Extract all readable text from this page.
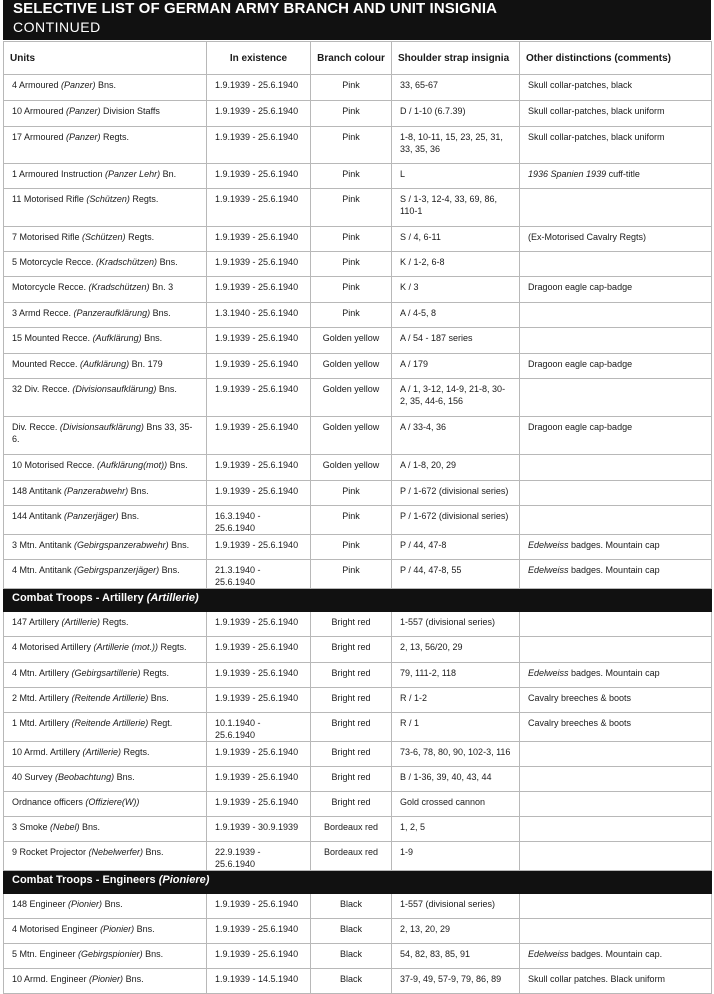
SELECTIVE LIST OF GERMAN ARMY BRANCH AND UNIT INSIGNIA
CONTINUED
Units	In existence	Branch colour	Shoulder strap insignia	Other distinctions (comments)
4 Armoured (Panzer) Bns.	1.9.1939 - 25.6.1940	Pink	33, 65-67	Skull collar-patches, black
10 Armoured (Panzer) Division Staffs	1.9.1939 - 25.6.1940	Pink	D / 1-10 (6.7.39)	Skull collar-patches, black uniform
17 Armoured (Panzer) Regts.	1.9.1939 - 25.6.1940	Pink	1-8, 10-11, 15, 23, 25, 31, 33, 35, 36	Skull collar-patches, black uniform
1 Armoured Instruction (Panzer Lehr) Bn.	1.9.1939 - 25.6.1940	Pink	L	1936 Spanien 1939 cuff-title
11 Motorised Rifle (Schützen) Regts.	1.9.1939 - 25.6.1940	Pink	S / 1-3, 12-4, 33, 69, 86, 110-1	
7 Motorised Rifle (Schützen) Regts.	1.9.1939 - 25.6.1940	Pink	S / 4, 6-11	(Ex-Motorised Cavalry Regts)
5 Motorcycle Recce. (Kradschützen) Bns.	1.9.1939 - 25.6.1940	Pink	K / 1-2, 6-8	
Motorcycle Recce. (Kradschützen) Bn. 3	1.9.1939 - 25.6.1940	Pink	K / 3	Dragoon eagle cap-badge
3 Armd Recce. (Panzeraufklärung) Bns.	1.3.1940 - 25.6.1940	Pink	A / 4-5, 8	
15 Mounted Recce. (Aufklärung) Bns.	1.9.1939 - 25.6.1940	Golden yellow	A / 54 - 187 series	
Mounted Recce. (Aufklärung) Bn. 179	1.9.1939 - 25.6.1940	Golden yellow	A / 179	Dragoon eagle cap-badge
32 Div. Recce. (Divisionsaufklärung) Bns.	1.9.1939 - 25.6.1940	Golden yellow	A / 1, 3-12, 14-9, 21-8, 30-2, 35, 44-6, 156	
Div. Recce. (Divisionsaufklärung) Bns 33, 35-6.	1.9.1939 - 25.6.1940	Golden yellow	A / 33-4, 36	Dragoon eagle cap-badge
10 Motorised Recce. (Aufklärung(mot)) Bns.	1.9.1939 - 25.6.1940	Golden yellow	A / 1-8, 20, 29	
148 Antitank (Panzerabwehr) Bns.	1.9.1939 - 25.6.1940	Pink	P / 1-672 (divisional series)	
144 Antitank (Panzerjäger) Bns.	16.3.1940 - 25.6.1940	Pink	P / 1-672 (divisional series)	
3 Mtn. Antitank (Gebirgspanzerabwehr) Bns.	1.9.1939 - 25.6.1940	Pink	P / 44, 47-8	Edelweiss badges. Mountain cap
4 Mtn. Antitank (Gebirgspanzerjäger) Bns.	21.3.1940 - 25.6.1940	Pink	P / 44, 47-8, 55	Edelweiss badges. Mountain cap
Combat Troops - Artillery (Artillerie)				
147 Artillery (Artillerie) Regts.	1.9.1939 - 25.6.1940	Bright red	1-557 (divisional series)	
4 Motorised Artillery (Artillerie (mot.)) Regts.	1.9.1939 - 25.6.1940	Bright red	2, 13, 56/20, 29	
4 Mtn. Artillery (Gebirgsartillerie) Regts.	1.9.1939 - 25.6.1940	Bright red	79, 111-2, 118	Edelweiss badges. Mountain cap
2 Mtd. Artillery (Reitende Artillerie) Bns.	1.9.1939 - 25.6.1940	Bright red	R / 1-2	Cavalry breeches & boots
1 Mtd. Artillery (Reitende Artillerie) Regt.	10.1.1940 - 25.6.1940	Bright red	R / 1	Cavalry breeches & boots
10 Armd. Artillery (Artillerie) Regts.	1.9.1939 - 25.6.1940	Bright red	73-6, 78, 80, 90, 102-3, 116	
40 Survey (Beobachtung) Bns.	1.9.1939 - 25.6.1940	Bright red	B / 1-36, 39, 40, 43, 44	
Ordnance officers (Offiziere(W))	1.9.1939 - 25.6.1940	Bright red	Gold crossed cannon	
3 Smoke (Nebel) Bns.	1.9.1939 - 30.9.1939	Bordeaux red	1, 2, 5	
9 Rocket Projector (Nebelwerfer) Bns.	22.9.1939 - 25.6.1940	Bordeaux red	1-9	
Combat Troops - Engineers (Pioniere)				
148 Engineer (Pionier) Bns.	1.9.1939 - 25.6.1940	Black	1-557 (divisional series)	
4 Motorised Engineer (Pionier) Bns.	1.9.1939 - 25.6.1940	Black	2, 13, 20, 29	
5 Mtn. Engineer (Gebirgspionier) Bns.	1.9.1939 - 25.6.1940	Black	54, 82, 83, 85, 91	Edelweiss badges. Mountain cap.
10 Armd. Engineer (Pionier) Bns.	1.9.1939 - 14.5.1940	Black	37-9, 49, 57-9, 79, 86, 89	Skull collar patches. Black uniform
